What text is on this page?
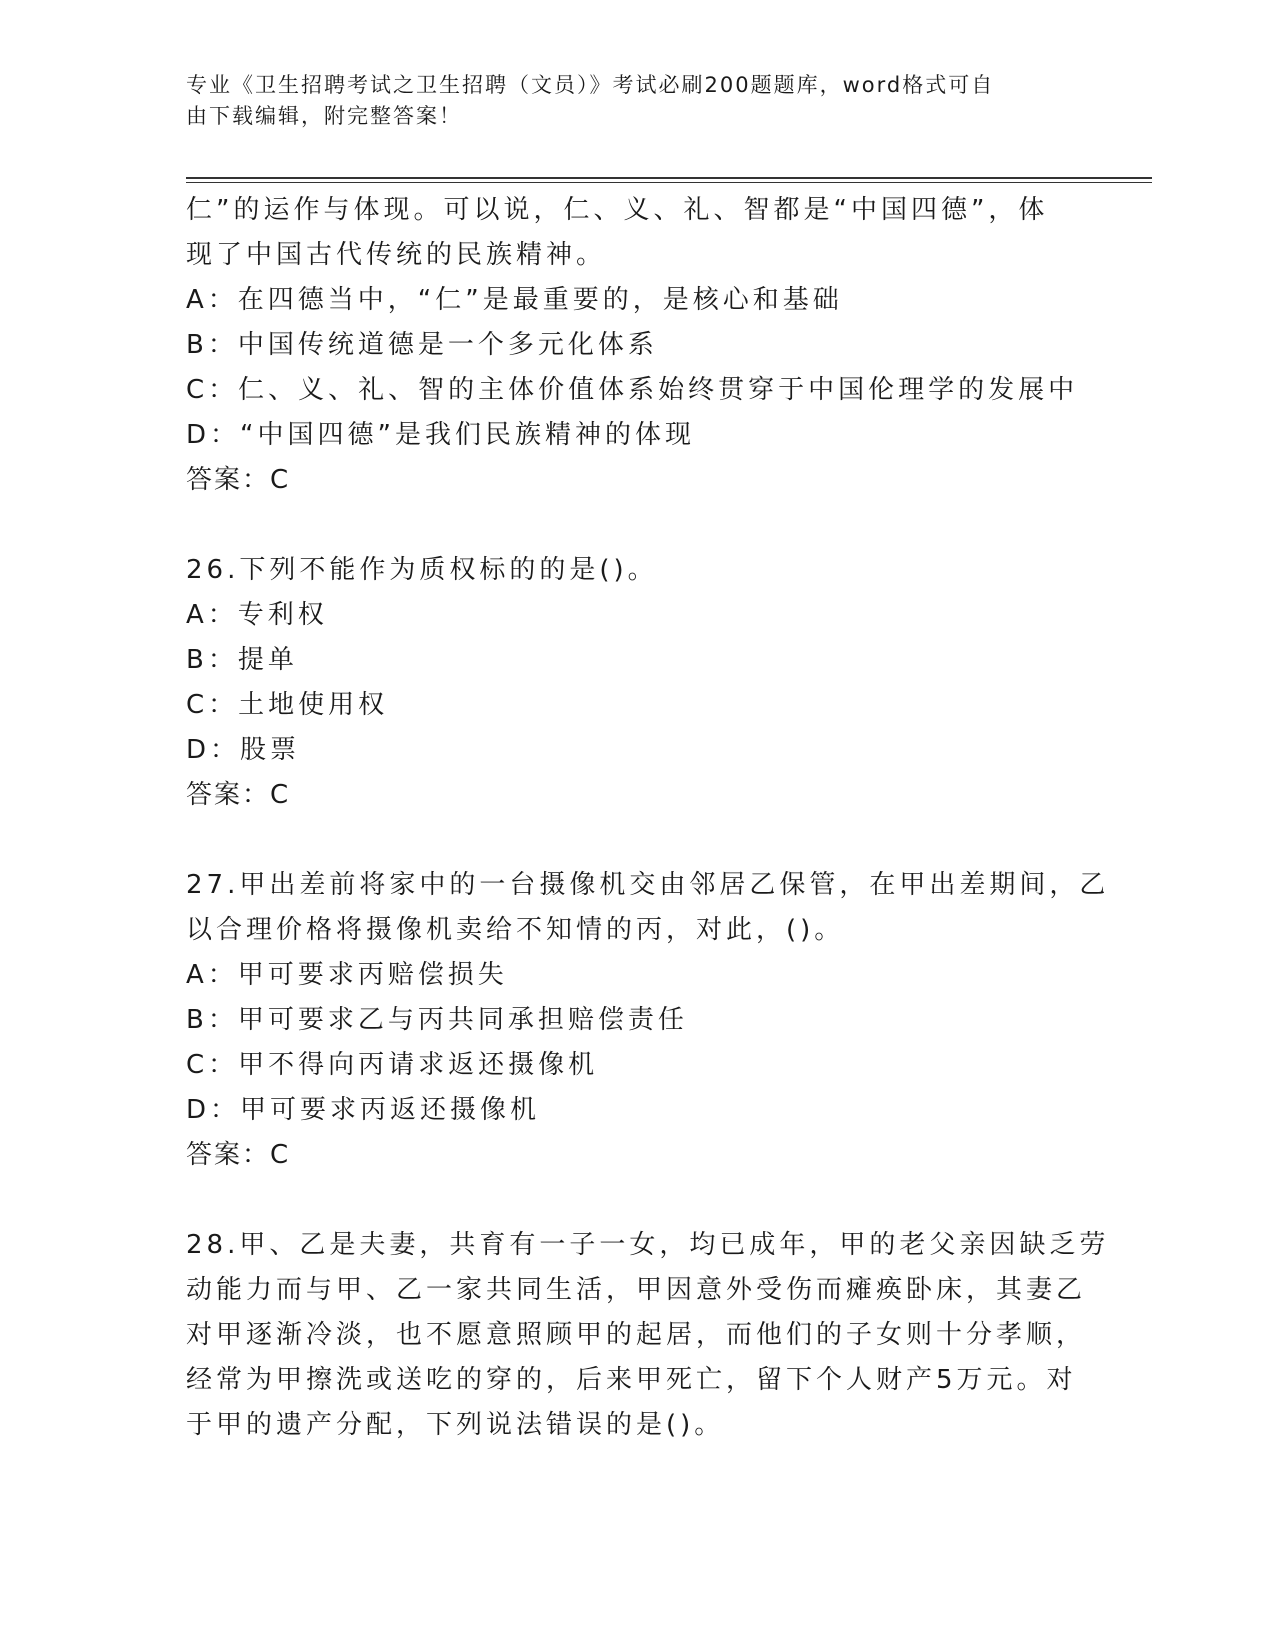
专业《卫生招聘考试之卫生招聘（文员）》考试必刷200题题库，word格式可自
由下载编辑，附完整答案！
仁”的运作与体现。可以说，仁、义、礼、智都是“中国四德”，体
现了中国古代传统的民族精神。
A：在四德当中，“仁”是最重要的，是核心和基础
B：中国传统道德是一个多元化体系
C：仁、义、礼、智的主体价值体系始终贯穿于中国伦理学的发展中
D：“中国四德”是我们民族精神的体现
答案：C
26.下列不能作为质权标的的是()。
A：专利权
B：提单
C：土地使用权
D：股票
答案：C
27.甲出差前将家中的一台摄像机交由邻居乙保管，在甲出差期间，乙
以合理价格将摄像机卖给不知情的丙，对此，()。
A：甲可要求丙赔偿损失
B：甲可要求乙与丙共同承担赔偿责任
C：甲不得向丙请求返还摄像机
D：甲可要求丙返还摄像机
答案：C
28.甲、乙是夫妻，共育有一子一女，均已成年，甲的老父亲因缺乏劳
动能力而与甲、乙一家共同生活，甲因意外受伤而瘫痪卧床，其妻乙
对甲逐渐冷淡，也不愿意照顾甲的起居，而他们的子女则十分孝顺，
经常为甲擦洗或送吃的穿的，后来甲死亡，留下个人财产5万元。对
于甲的遗产分配，下列说法错误的是()。
